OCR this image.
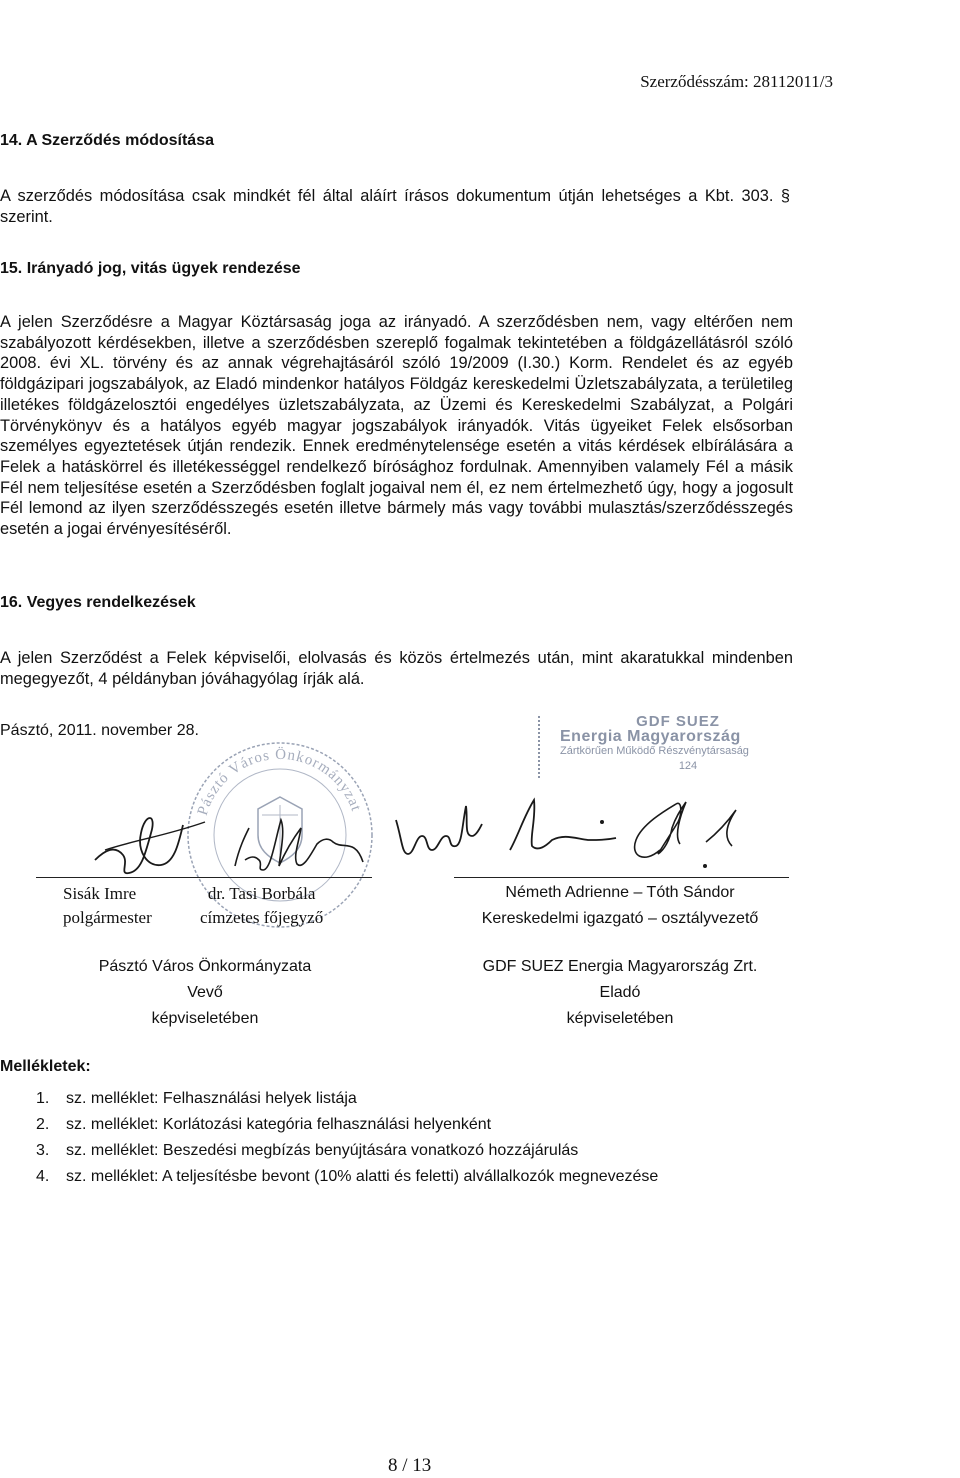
Szerződésszám: 28112011/3
14. A Szerződés módosítása

A szerződés módosítása csak mindkét fél által aláírt írásos dokumentum útján lehetséges a Kbt. 303. § szerint.

15. Irányadó jog, vitás ügyek rendezése

A jelen Szerződésre a Magyar Köztársaság joga az irányadó. A szerződésben nem, vagy eltérően nem szabályozott kérdésekben, illetve a szerződésben szereplő fogalmak tekintetében a földgázellátásról szóló 2008. évi XL. törvény és az annak végrehajtásáról szóló 19/2009 (I.30.) Korm. Rendelet és az egyéb földgázipari jogszabályok, az Eladó mindenkor hatályos Földgáz kereskedelmi Üzletszabályzata, a területileg illetékes földgázelosztói engedélyes üzletszabályzata, az Üzemi és Kereskedelmi Szabályzat, a Polgári Törvénykönyv és a hatályos egyéb magyar jogszabályok irányadók. Vitás ügyeiket Felek elsősorban személyes egyeztetések útján rendezik. Ennek eredménytelensége esetén a vitás kérdések elbírálására a Felek a hatáskörrel és illetékességgel rendelkező bírósághoz fordulnak. Amennyiben valamely Fél a másik Fél nem teljesítése esetén a Szerződésben foglalt jogaival nem él, ez nem értelmezhető úgy, hogy a jogosult Fél lemond az ilyen szerződésszegés esetén illetve bármely más vagy további mulasztás/szerződésszegés esetén a jogai érvényesítéséről.

16. Vegyes rendelkezések

A jelen Szerződést a Felek képviselői, elolvasás és közös értelmezés után, mint akaratukkal mindenben megegyezőt, 4 példányban jóváhagyólag írják alá.

Pásztó, 2011. november 28.
Pásztó Város Önkormányzat
GDF SUEZ
Energia Magyarország
Zártkörűen Működő Részvénytársaság
124
Sisák Imre
polgármester
dr. Tasi Borbála
címzetes főjegyző
Pásztó Város Önkormányzata
Vevő
képviseletében
Németh Adrienne – Tóth Sándor
Kereskedelmi igazgató – osztályvezető
GDF SUEZ Energia Magyarország Zrt.
Eladó
képviseletében
Mellékletek:
1. sz. melléklet: Felhasználási helyek listája
2. sz. melléklet: Korlátozási kategória felhasználási helyenként
3. sz. melléklet: Beszedési megbízás benyújtására vonatkozó hozzájárulás
4. sz. melléklet: A teljesítésbe bevont (10% alatti és feletti) alvállalkozók megnevezése
8 / 13
